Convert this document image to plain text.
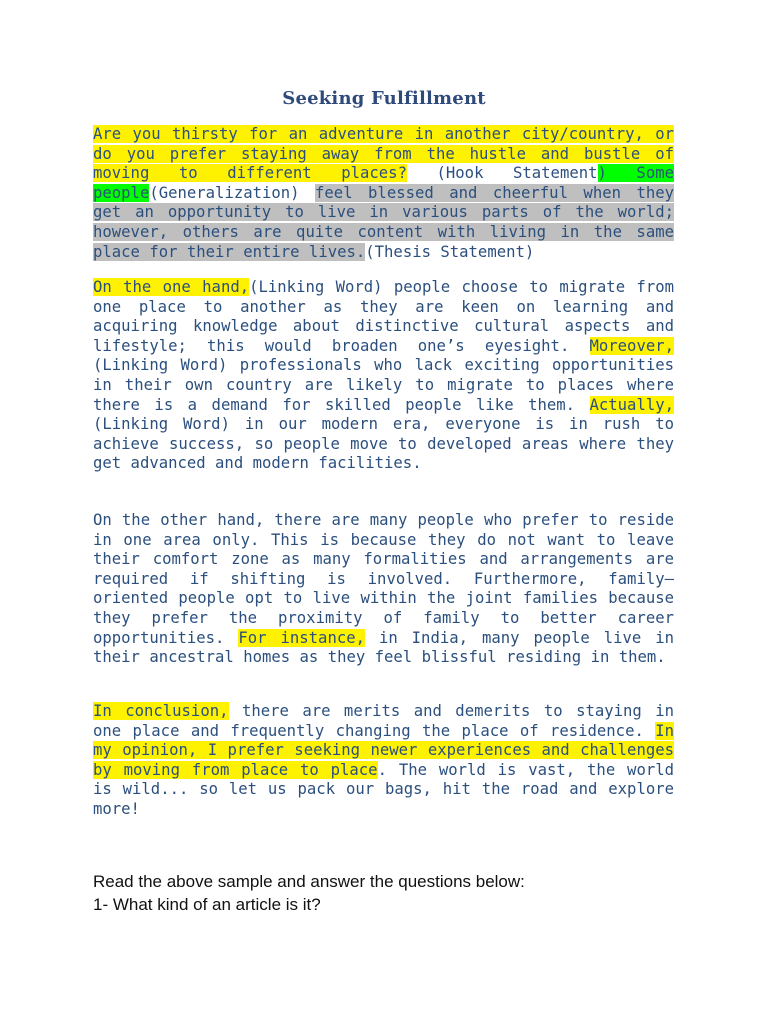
Seeking Fulfillment

Are you thirsty for an adventure in another city/country, or do you prefer staying away from the hustle and bustle of moving to different places? (Hook Statement) Some people(Generalization) feel blessed and cheerful when they get an opportunity to live in various parts of the world; however, others are quite content with living in the same place for their entire lives.(Thesis Statement)

On the one hand,(Linking Word) people choose to migrate from one place to another as they are keen on learning and acquiring knowledge about distinctive cultural aspects and lifestyle; this would broaden one’s eyesight. Moreover,(Linking Word) professionals who lack exciting opportunities in their own country are likely to migrate to places where there is a demand for skilled people like them. Actually,(Linking Word) in our modern era, everyone is in rush to achieve success, so people move to developed areas where they get advanced and modern facilities.

On the other hand, there are many people who prefer to reside in one area only. This is because they do not want to leave their comfort zone as many formalities and arrangements are required if shifting is involved. Furthermore, family–oriented people opt to live within the joint families because they prefer the proximity of family to better career opportunities. For instance, in India, many people live in their ancestral homes as they feel blissful residing in them.

In conclusion, there are merits and demerits to staying in one place and frequently changing the place of residence. In my opinion, I prefer seeking newer experiences and challenges by moving from place to place. The world is vast, the world is wild... so let us pack our bags, hit the road and explore more!

Read the above sample and answer the questions below:
1- What kind of an article is it?
